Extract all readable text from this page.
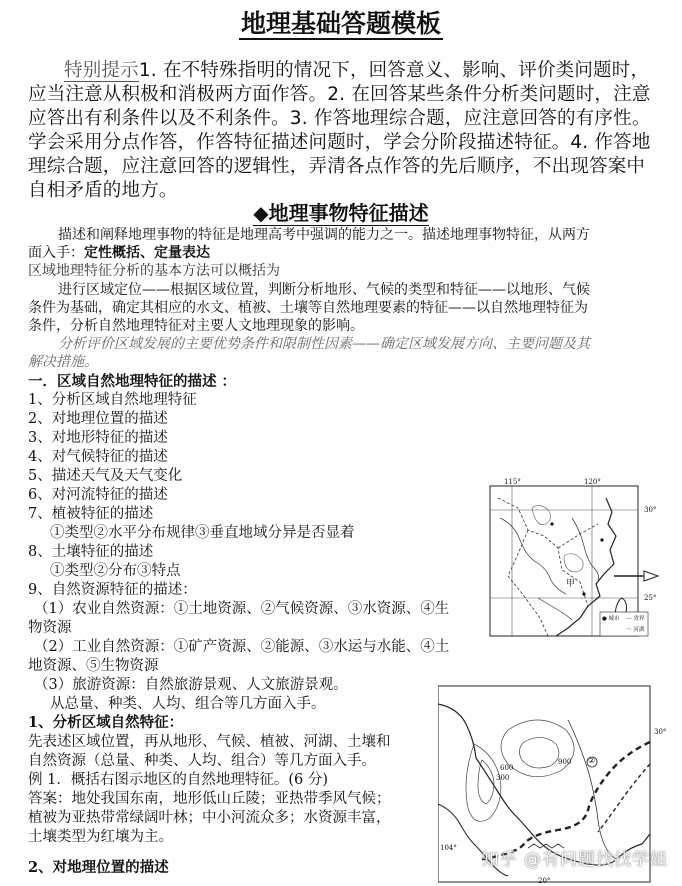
地理基础答题模板
特别提示1. 在不特殊指明的情况下，回答意义、影响、评价类问题时，
应当注意从积极和消极两方面作答。2. 在回答某些条件分析类问题时，注意
应答出有利条件以及不利条件。3. 作答地理综合题，应注意回答的有序性。
学会采用分点作答，作答特征描述问题时，学会分阶段描述特征。4. 作答地
理综合题，应注意回答的逻辑性，弄清各点作答的先后顺序，不出现答案中
自相矛盾的地方。
◆地理事物特征描述
描述和阐释地理事物的特征是地理高考中强调的能力之一。描述地理事物特征，从两方
面入手：定性概括、定量表达
区域地理特征分析的基本方法可以概括为
进行区域定位——根据区域位置，判断分析地形、气候的类型和特征——以地形、气候
条件为基础，确定其相应的水文、植被、土壤等自然地理要素的特征——以自然地理特征为
条件，分析自然地理特征对主要人文地理现象的影响。
分析评价区域发展的主要优势条件和限制性因素——确定区域发展方向、主要问题及其
解决措施。
一．区域自然地理特征的描述 ：
1、分析区域自然地理特征
2、对地理位置的描述
3、对地形特征的描述
4、对气候特征的描述
5、描述天气及天气变化
6、对河流特征的描述
7、植被特征的描述
①类型②水平分布规律③垂直地域分异是否显着
8、土壤特征的描述
①类型②分布③特点
9、自然资源特征的描述：
（1）农业自然资源：①土地资源、②气候资源、③水资源、④生
物资源
（2）工业自然资源：①矿产资源、②能源、③水运与水能、④土
地资源、⑤生物资源
（3）旅游资源：自然旅游景观、人文旅游景观。
从总量、种类、人均、组合等几方面入手。
1、分析区域自然特征：
先表述区域位置，再从地形、气候、植被、河湖、土壤和
自然资源（总量、种类、人均、组合）等几方面入手。
例 1．概括右图示地区的自然地理特征。(6 分)
答案：地处我国东南，地形低山丘陵；亚热带季风气候；
植被为亚热带常绿阔叶林；中小河流众多；水资源丰富，
土壤类型为红壤为主。
2、对地理位置的描述
115°	120°
30°
25°
甲
● 城市 --- 省界
～ 河湖
30°
900
600
300
②
104°
20°
知乎 @有问题找找学姐
